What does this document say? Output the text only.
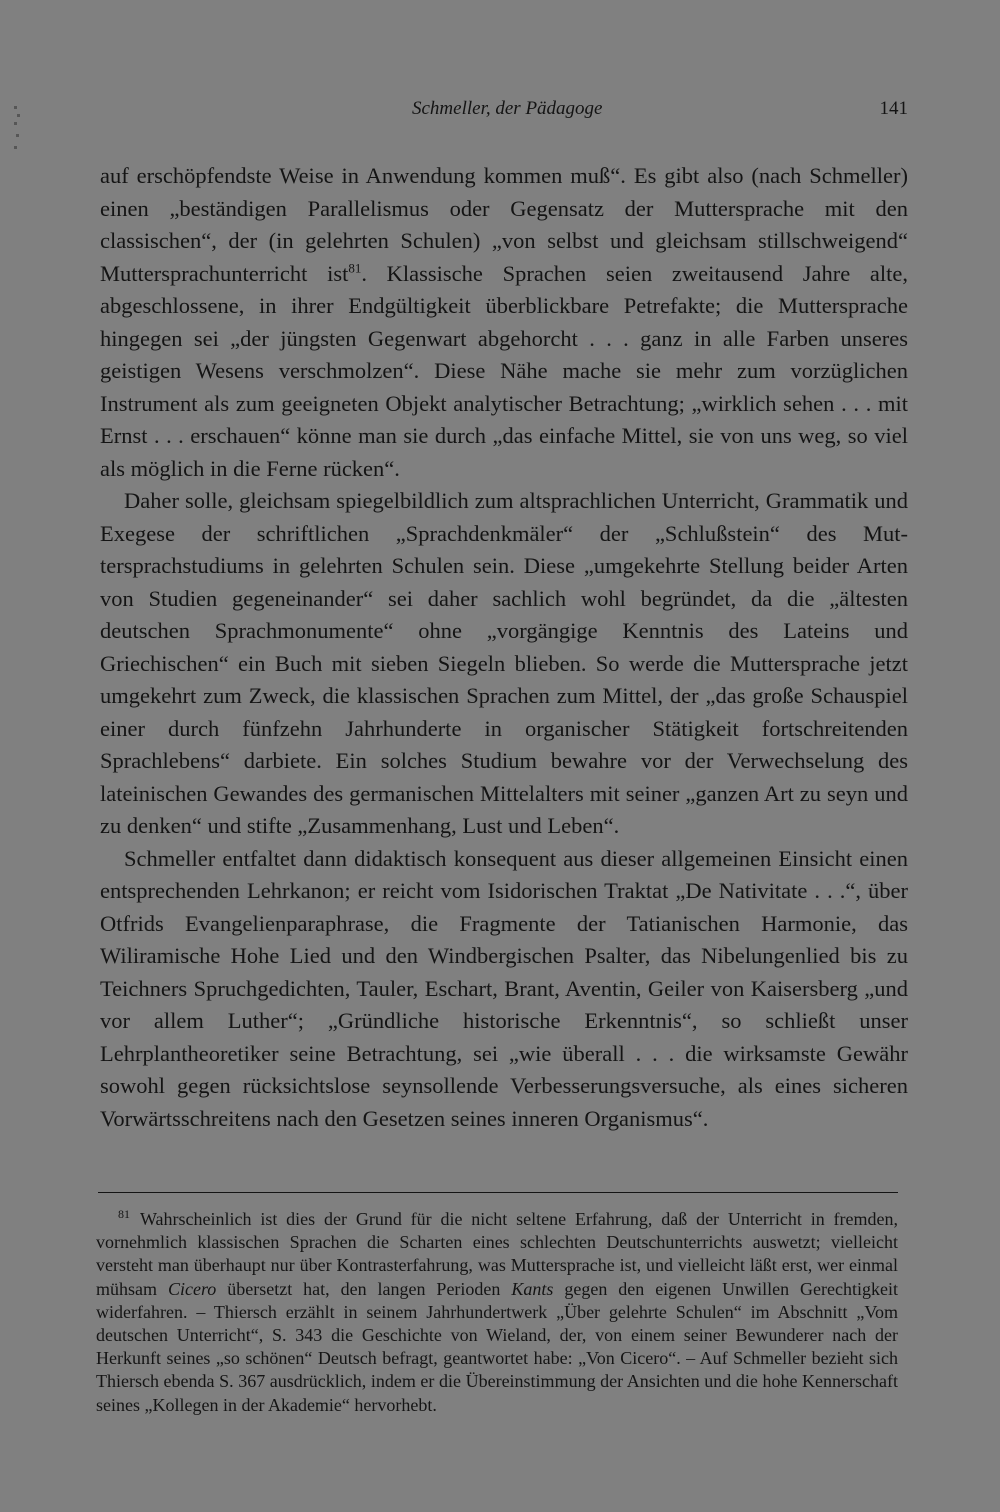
Schmeller, der Pädagoge	141

auf erschöpfendste Weise in Anwendung kommen muß“. Es gibt also (nach Schmeller) einen „beständigen Parallelismus oder Gegensatz der Muttersprache mit den classischen“, der (in gelehrten Schulen) „von selbst und gleichsam stillschweigend“ Muttersprachunterricht ist$^{81}$. Klassische Sprachen seien zweitausend Jahre alte, abgeschlossene, in ihrer Endgültigkeit überblickbare Petrefakte; die Muttersprache hingegen sei „der jüngsten Gegenwart abgehorcht . . . ganz in alle Farben unseres geistigen Wesens verschmolzen“. Diese Nähe mache sie mehr zum vorzüglichen Instrument als zum geeigneten Objekt analytischer Betrachtung; „wirklich sehen . . . mit Ernst . . . erschauen“ könne man sie durch „das einfache Mittel, sie von uns weg, so viel als möglich in die Ferne rücken“.

Daher solle, gleichsam spiegelbildlich zum altsprachlichen Unterricht, Grammatik und Exegese der schriftlichen „Sprachdenkmäler“ der „Schlußstein“ des Muttersprachstudiums in gelehrten Schulen sein. Diese „umgekehrte Stellung beider Arten von Studien gegeneinander“ sei daher sachlich wohl begründet, da die „ältesten deutschen Sprachmonumente“ ohne „vorgängige Kenntnis des Lateins und Griechischen“ ein Buch mit sieben Siegeln blieben. So werde die Muttersprache jetzt umgekehrt zum Zweck, die klassischen Sprachen zum Mittel, der „das große Schauspiel einer durch fünfzehn Jahrhunderte in organischer Stätigkeit fortschreitenden Sprachlebens“ darbiete. Ein solches Studium bewahre vor der Verwechselung des lateinischen Gewandes des germanischen Mittelalters mit seiner „ganzen Art zu seyn und zu denken“ und stifte „Zusammenhang, Lust und Leben“.

Schmeller entfaltet dann didaktisch konsequent aus dieser allgemeinen Einsicht einen entsprechenden Lehrkanon; er reicht vom Isidorischen Traktat „De Nativitate . . .“, über Otfrids Evangelienparaphrase, die Fragmente der Tatianischen Harmonie, das Wiliramische Hohe Lied und den Windbergischen Psalter, das Nibelungenlied bis zu Teichners Spruchgedichten, Tauler, Eschart, Brant, Aventin, Geiler von Kaisersberg „und vor allem Luther“; „Gründliche historische Erkenntnis“, so schließt unser Lehrplantheoretiker seine Betrachtung, sei „wie überall . . . die wirksamste Gewähr sowohl gegen rücksichtslose seynsollende Verbesserungsversuche, als eines sicheren Vorwärtsschreitens nach den Gesetzen seines inneren Organismus“.

$^{81}$ Wahrscheinlich ist dies der Grund für die nicht seltene Erfahrung, daß der Unterricht in fremden, vornehmlich klassischen Sprachen die Scharten eines schlechten Deutschunterrichts auswetzt; vielleicht versteht man überhaupt nur über Kontrasterfahrung, was Muttersprache ist, und vielleicht läßt erst, wer einmal mühsam Cicero übersetzt hat, den langen Perioden Kants gegen den eigenen Unwillen Gerechtigkeit widerfahren. – Thiersch erzählt in seinem Jahrhundertwerk „Über gelehrte Schulen“ im Abschnitt „Vom deutschen Unterricht“, S. 343 die Geschichte von Wieland, der, von einem seiner Bewunderer nach der Herkunft seines „so schönen“ Deutsch befragt, geantwortet habe: „Von Cicero“. – Auf Schmeller bezieht sich Thiersch ebenda S. 367 ausdrücklich, indem er die Übereinstimmung der Ansichten und die hohe Kennerschaft seines „Kollegen in der Akademie“ hervorhebt.
